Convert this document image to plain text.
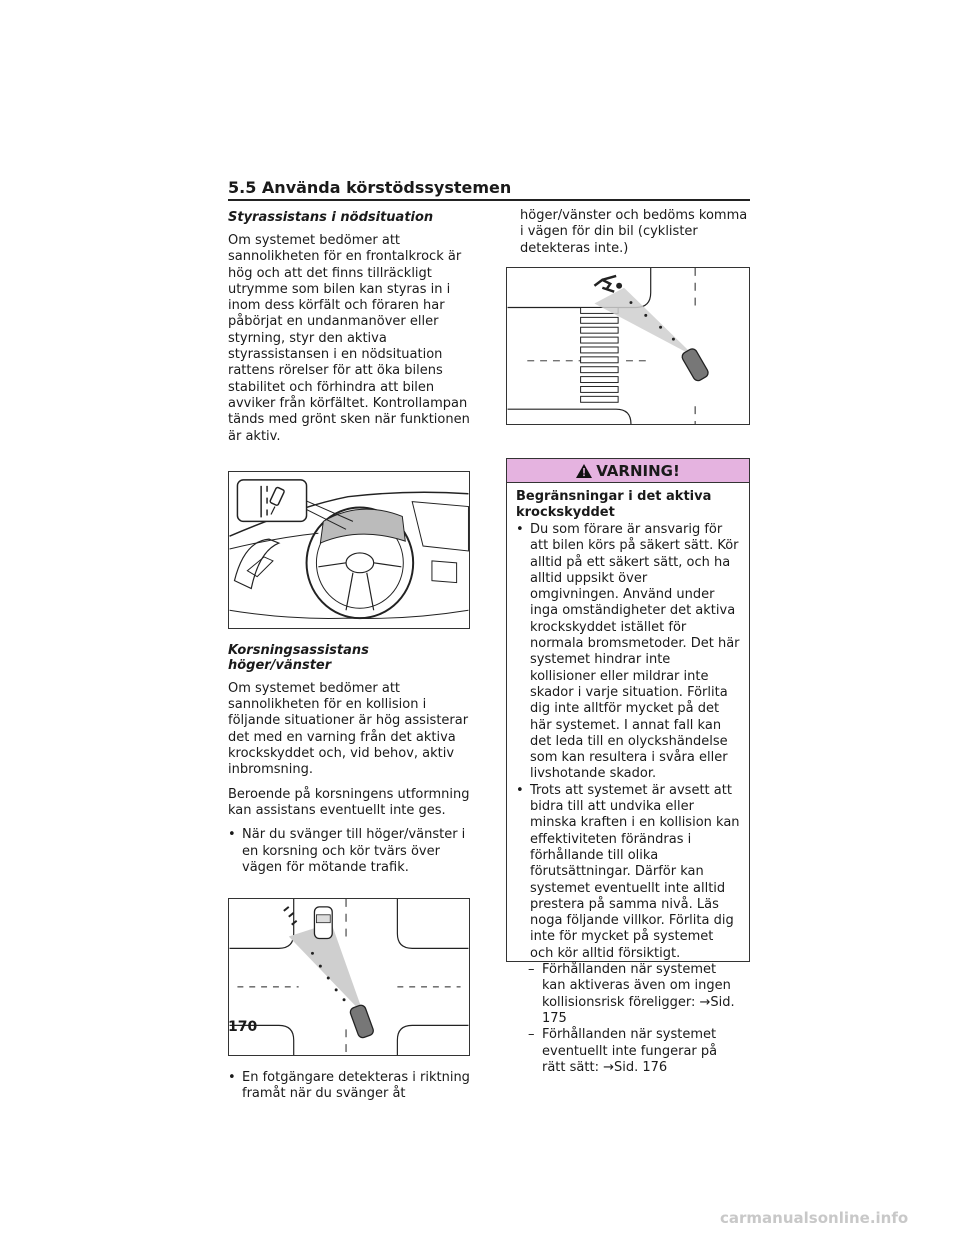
5.5 Använda körstödssystemen
Styrassistans i nödsituation

Om systemet bedömer att sannolikheten för en frontalkrock är hög och att det finns tillräckligt utrymme som bilen kan styras in i inom dess körfält och föraren har påbörjat en undanmanöver eller styrning, styr den aktiva styrassistansen i en nödsituation rattens rörelser för att öka bilens stabilitet och förhindra att bilen avviker från körfältet. Kontrollampan tänds med grönt sken när funktionen är aktiv.

Korsningsassistans höger/vänster

Om systemet bedömer att sannolikheten för en kollision i följande situationer är hög assisterar det med en varning från det aktiva krockskyddet och, vid behov, aktiv inbromsning.

Beroende på korsningens utformning kan assistans eventuellt inte ges.

• När du svänger till höger/vänster i en korsning och kör tvärs över vägen för mötande trafik.
• En fotgängare detekteras i riktning framåt när du svänger åt

höger/vänster och bedöms komma i vägen för din bil (cyklister detekteras inte.)

VARNING!
Begränsningar i det aktiva krockskyddet
• Du som förare är ansvarig för att bilen körs på säkert sätt. Kör alltid på ett säkert sätt, och ha alltid uppsikt över omgivningen. Använd under inga omständigheter det aktiva krockskyddet istället för normala bromsmetoder. Det här systemet hindrar inte kollisioner eller mildrar inte skador i varje situation. Förlita dig inte alltför mycket på det här systemet. I annat fall kan det leda till en olyckshändelse som kan resultera i svåra eller livshotande skador.
• Trots att systemet är avsett att bidra till att undvika eller minska kraften i en kollision kan effektiviteten förändras i förhållande till olika förutsättningar. Därför kan systemet eventuellt inte alltid prestera på samma nivå. Läs noga följande villkor. Förlita dig inte för mycket på systemet och kör alltid försiktigt.
– Förhållanden när systemet kan aktiveras även om ingen kollisionsrisk föreligger: →Sid. 175
– Förhållanden när systemet eventuellt inte fungerar på rätt sätt: →Sid. 176
170
carmanualsonline.info
